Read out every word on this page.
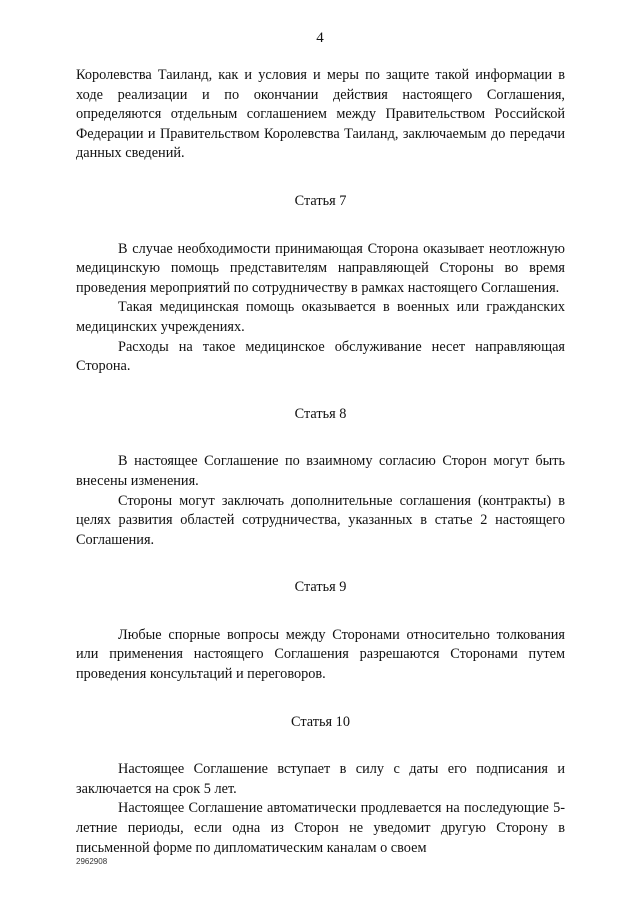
4

Королевства Таиланд, как и условия и меры по защите такой информации в ходе реализации и по окончании действия настоящего Соглашения, определяются отдельным соглашением между Правительством Российской Федерации и Правительством Королевства Таиланд, заключаемым до передачи данных сведений.

Статья 7

В случае необходимости принимающая Сторона оказывает неотложную медицинскую помощь представителям направляющей Стороны во время проведения мероприятий по сотрудничеству в рамках настоящего Соглашения.

Такая медицинская помощь оказывается в военных или гражданских медицинских учреждениях.

Расходы на такое медицинское обслуживание несет направляющая Сторона.

Статья 8

В настоящее Соглашение по взаимному согласию Сторон могут быть внесены изменения.

Стороны могут заключать дополнительные соглашения (контракты) в целях развития областей сотрудничества, указанных в статье 2 настоящего Соглашения.

Статья 9

Любые спорные вопросы между Сторонами относительно толкования или применения настоящего Соглашения разрешаются Сторонами путем проведения консультаций и переговоров.

Статья 10

Настоящее Соглашение вступает в силу с даты его подписания и заключается на срок 5 лет.

Настоящее Соглашение автоматически продлевается на последующие 5-летние периоды, если одна из Сторон не уведомит другую Сторону в письменной форме по дипломатическим каналам о своем

2962908
